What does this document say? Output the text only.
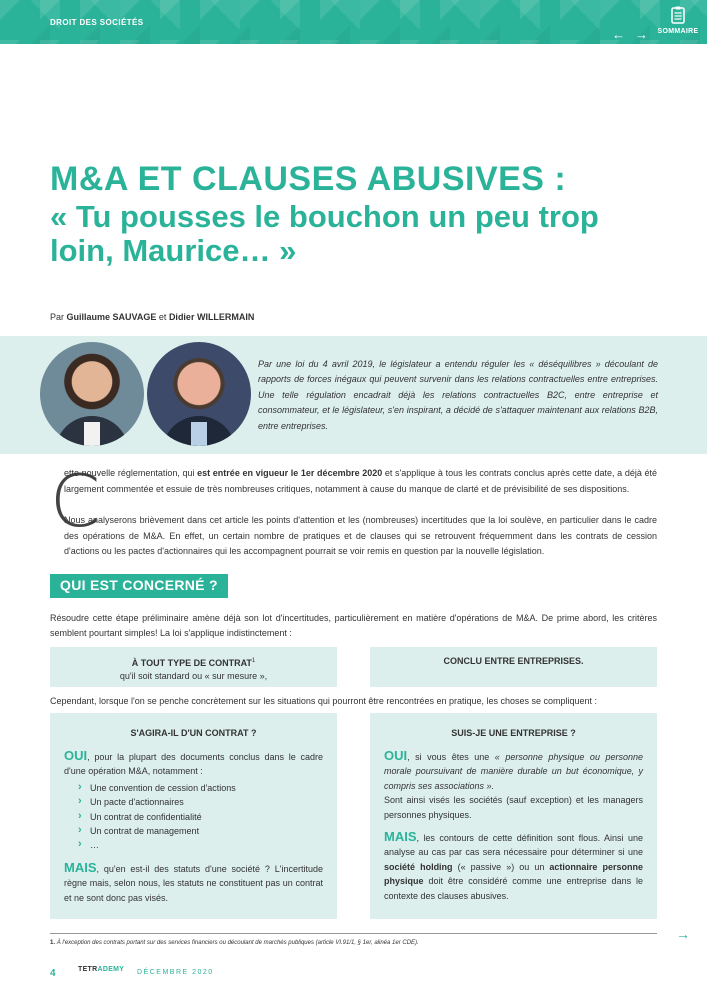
DROIT DES SOCIÉTÉS
← →	SOMMAIRE
M&A ET CLAUSES ABUSIVES :
« Tu pousses le bouchon un peu trop loin, Maurice… »
Par Guillaume SAUVAGE et Didier WILLERMAIN

Par une loi du 4 avril 2019, le législateur a entendu réguler les « déséquilibres » découlant de rapports de forces inégaux qui peuvent survenir dans les relations contractuelles entre entreprises. Une telle régulation encadrait déjà les relations contractuelles B2C, entre entreprise et consommateur, et le législateur, s'en inspirant, a décidé de s'attaquer maintenant aux relations B2B, entre entreprises.

C

ette nouvelle réglementation, qui est entrée en vigueur le 1er décembre 2020 et s'applique à tous les contrats conclus après cette date, a déjà été largement commentée et essuie de très nombreuses critiques, notamment à cause du manque de clarté et de prévisibilité de ses dispositions.

Nous analyserons brièvement dans cet article les points d'attention et les (nombreuses) incertitudes que la loi soulève, en particulier dans le cadre des opérations de M&A. En effet, un certain nombre de pratiques et de clauses qui se retrouvent fréquemment dans les contrats de cession d'actions ou les pactes d'actionnaires qui les accompagnent pourrait se voir remis en question par la nouvelle législation.

QUI EST CONCERNÉ ?

Résoudre cette étape préliminaire amène déjà son lot d'incertitudes, particulièrement en matière d'opérations de M&A. De prime abord, les critères semblent pourtant simples! La loi s'applique indistinctement :

À TOUT TYPE DE CONTRAT$^1$
qu'il soit standard ou « sur mesure »,
CONCLU ENTRE ENTREPRISES.

Cependant, lorsque l'on se penche concrètement sur les situations qui pourront être rencontrées en pratique, les choses se compliquent :

S'AGIRA-IL D'UN CONTRAT ?

OUI, pour la plupart des documents conclus dans le cadre d'une opération M&A, notamment :

› Une convention de cession d'actions
› Un pacte d'actionnaires
› Un contrat de confidentialité
› Un contrat de management
› …

MAIS, qu'en est-il des statuts d'une société ? L'incertitude règne mais, selon nous, les statuts ne constituent pas un contrat et ne sont donc pas visés.

SUIS-JE UNE ENTREPRISE ?

OUI, si vous êtes une « personne physique ou personne morale poursuivant de manière durable un but économique, y compris ses associations ».

Sont ainsi visés les sociétés (sauf exception) et les managers personnes physiques.

MAIS, les contours de cette définition sont flous. Ainsi une analyse au cas par cas sera nécessaire pour déterminer si une société holding (« passive ») ou un actionnaire personne physique doit être considéré comme une entreprise dans le contexte des clauses abusives.

→
1. À l'exception des contrats portant sur des services financiers ou découlant de marchés publiques (article VI.91/1, § 1er, alinéa 1er CDE).
4	TETRADEMY DÉCEMBRE 2020
